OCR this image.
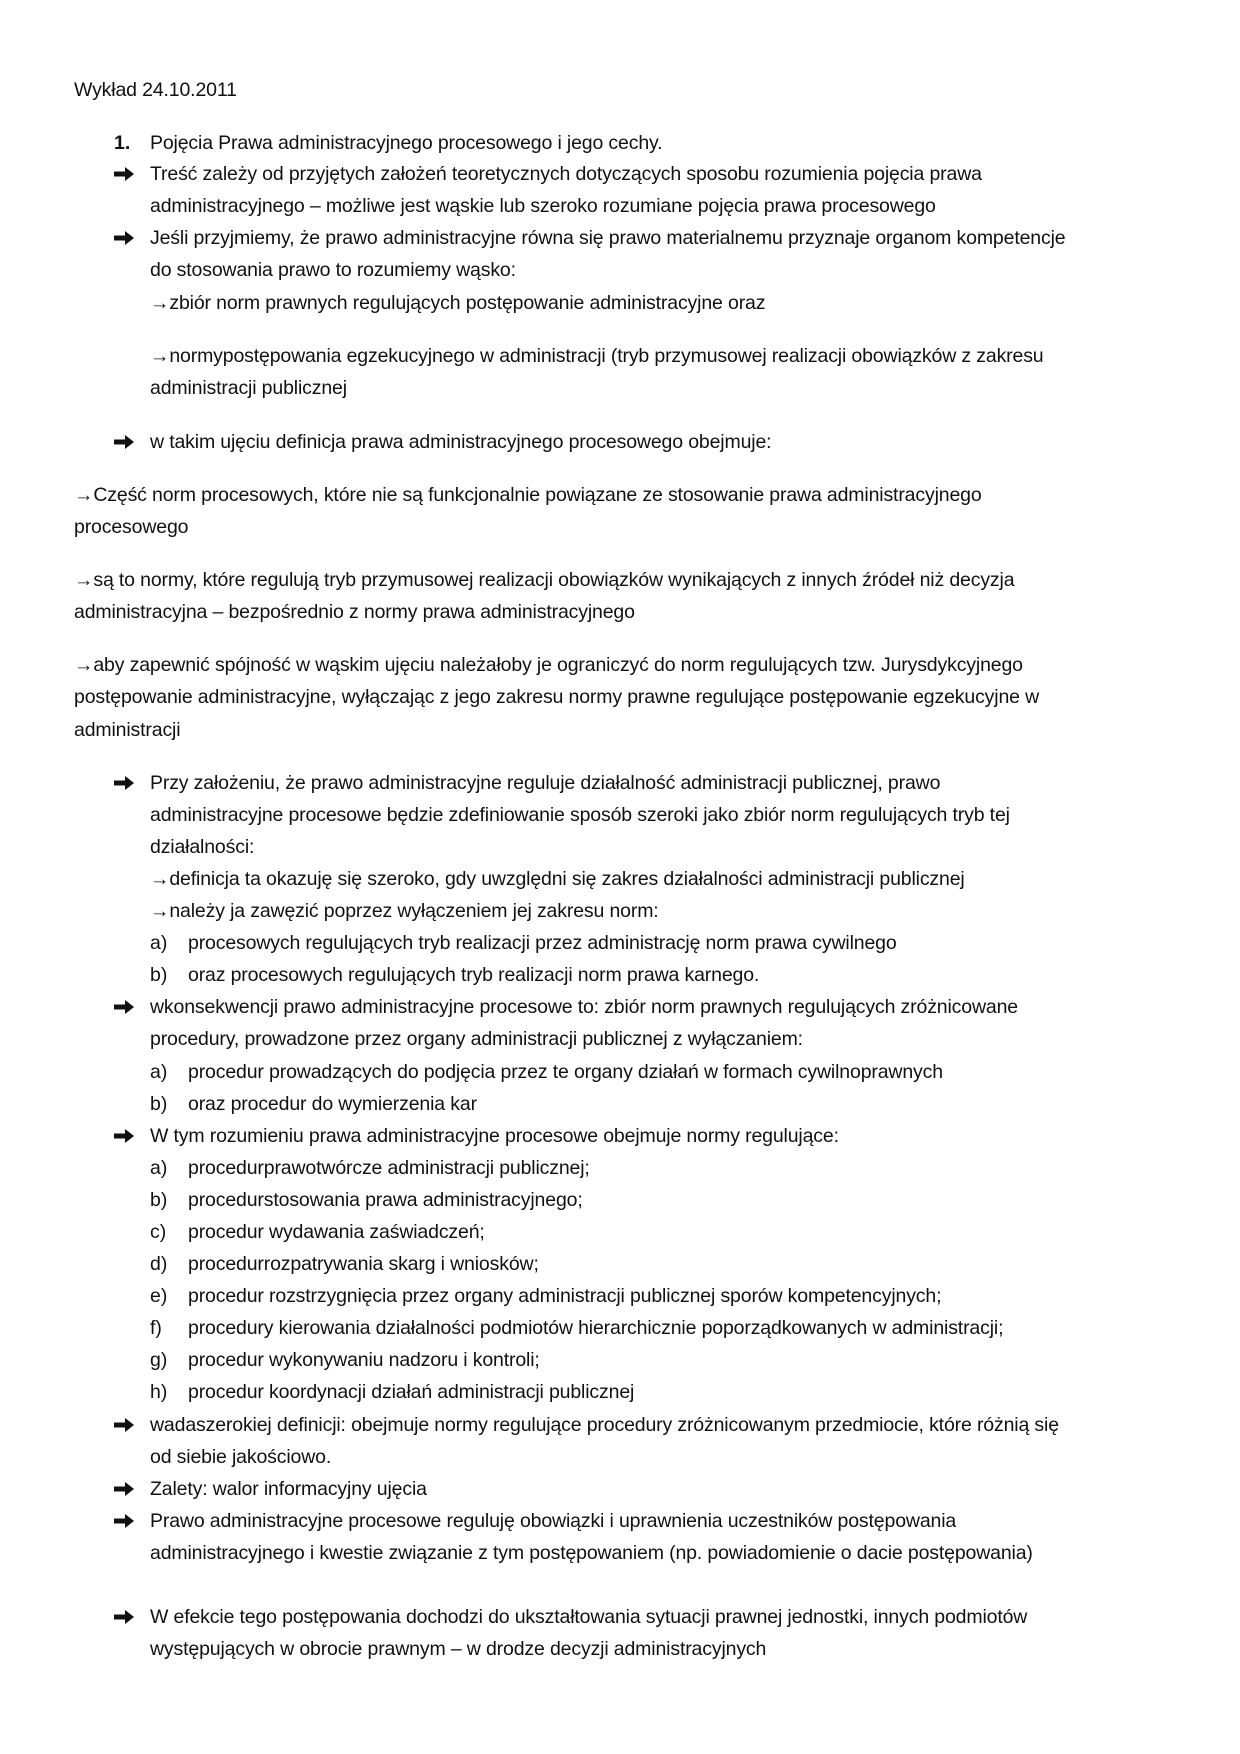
Wykład 24.10.2011
1. Pojęcia Prawa administracyjnego procesowego i jego cechy.
Treść zależy od przyjętych założeń teoretycznych dotyczących sposobu rozumienia pojęcia prawa
administracyjnego – możliwe jest wąskie lub szeroko rozumiane pojęcia prawa procesowego
Jeśli przyjmiemy, że prawo administracyjne równa się prawo materialnemu przyznaje organom kompetencje
do stosowania prawo to rozumiemy wąsko:
→zbiór norm prawnych regulujących postępowanie administracyjne oraz
→normypostępowania egzekucyjnego w administracji (tryb przymusowej realizacji obowiązków z zakresu
administracji publicznej
w takim ujęciu definicja prawa administracyjnego procesowego obejmuje:
→Część norm procesowych, które nie są funkcjonalnie powiązane ze stosowanie prawa administracyjnego
procesowego
→są to normy, które regulują tryb przymusowej realizacji obowiązków wynikających z innych źródeł niż decyzja
administracyjna – bezpośrednio z normy prawa administracyjnego
→aby zapewnić spójność w wąskim ujęciu należałoby je ograniczyć do norm regulujących tzw. Jurysdykcyjnego
postępowanie administracyjne, wyłączając z jego zakresu normy prawne regulujące postępowanie egzekucyjne w
administracji
Przy założeniu, że prawo administracyjne reguluje działalność administracji publicznej, prawo
administracyjne procesowe będzie zdefiniowanie sposób szeroki jako zbiór norm regulujących tryb tej
działalności:
→definicja ta okazuję się szeroko, gdy uwzględni się zakres działalności administracji publicznej
→należy ja zawęzić poprzez wyłączeniem jej zakresu norm:
a) procesowych regulujących tryb realizacji przez administrację norm prawa cywilnego
b) oraz procesowych regulujących tryb realizacji norm prawa karnego.
wkonsekwencji prawo administracyjne procesowe to: zbiór norm prawnych regulujących zróżnicowane
procedury, prowadzone przez organy administracji publicznej z wyłączaniem:
a) procedur prowadzących do podjęcia przez te organy działań w formach cywilnoprawnych
b) oraz procedur do wymierzenia kar
W tym rozumieniu prawa administracyjne procesowe obejmuje normy regulujące:
a) procedurprawotwórcze administracji publicznej;
b) procedurstosowania prawa administracyjnego;
c) procedur wydawania zaświadczeń;
d) procedurrozpatrywania skarg i wniosków;
e) procedur rozstrzygnięcia przez organy administracji publicznej sporów kompetencyjnych;
f) procedury kierowania działalności podmiotów hierarchicznie poporządkowanych w administracji;
g) procedur wykonywaniu nadzoru i kontroli;
h) procedur koordynacji działań administracji publicznej
wadaszerokiej definicji: obejmuje normy regulujące procedury zróżnicowanym przedmiocie, które różnią się
od siebie jakościowo.
Zalety: walor informacyjny ujęcia
Prawo administracyjne procesowe reguluję obowiązki i uprawnienia uczestników postępowania
administracyjnego i kwestie związanie z tym postępowaniem (np. powiadomienie o dacie postępowania)
W efekcie tego postępowania dochodzi do ukształtowania sytuacji prawnej jednostki, innych podmiotów
występujących w obrocie prawnym – w drodze decyzji administracyjnych
